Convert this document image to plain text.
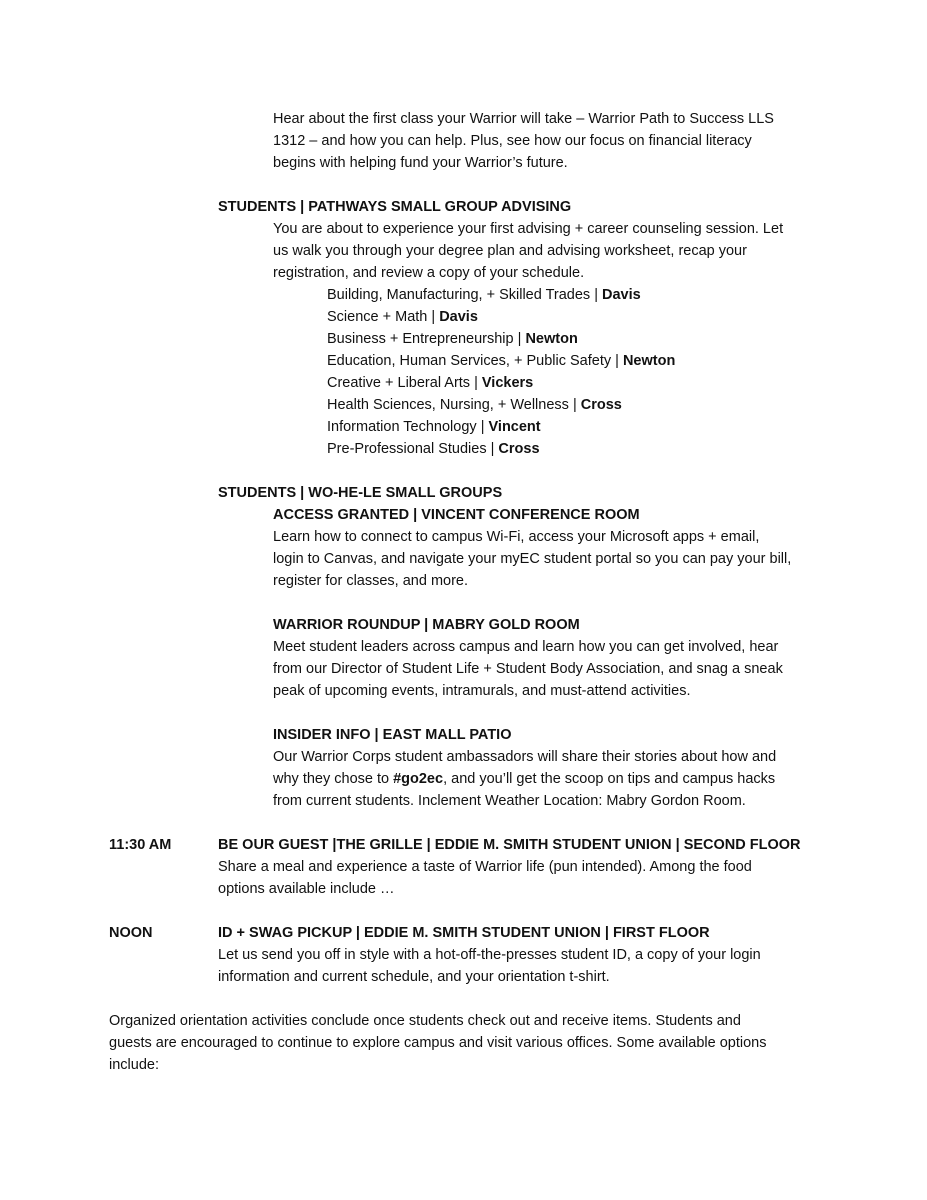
Hear about the first class your Warrior will take – Warrior Path to Success LLS

1312 – and how you can help. Plus, see how our focus on financial literacy

begins with helping fund your Warrior’s future.

STUDENTS | PATHWAYS SMALL GROUP ADVISING

You are about to experience your first advising + career counseling session. Let

us walk you through your degree plan and advising worksheet, recap your

registration, and review a copy of your schedule.

Building, Manufacturing, + Skilled Trades | Davis

Science + Math | Davis

Business + Entrepreneurship | Newton

Education, Human Services, + Public Safety | Newton

Creative + Liberal Arts | Vickers

Health Sciences, Nursing, + Wellness | Cross

Information Technology | Vincent

Pre-Professional Studies | Cross

STUDENTS | WO-HE-LE SMALL GROUPS

ACCESS GRANTED | VINCENT CONFERENCE ROOM

Learn how to connect to campus Wi-Fi, access your Microsoft apps + email,

login to Canvas, and navigate your myEC student portal so you can pay your bill,

register for classes, and more.

WARRIOR ROUNDUP | MABRY GOLD ROOM

Meet student leaders across campus and learn how you can get involved, hear

from our Director of Student Life + Student Body Association, and snag a sneak

peak of upcoming events, intramurals, and must-attend activities.

INSIDER INFO | EAST MALL PATIO

Our Warrior Corps student ambassadors will share their stories about how and

why they chose to #go2ec, and you’ll get the scoop on tips and campus hacks

from current students. Inclement Weather Location: Mabry Gordon Room.

11:30 AM	BE OUR GUEST |THE GRILLE | EDDIE M. SMITH STUDENT UNION | SECOND FLOOR

Share a meal and experience a taste of Warrior life (pun intended). Among the food

options available include …

NOON	ID + SWAG PICKUP | EDDIE M. SMITH STUDENT UNION | FIRST FLOOR

Let us send you off in style with a hot-off-the-presses student ID, a copy of your login

information and current schedule, and your orientation t-shirt.

Organized orientation activities conclude once students check out and receive items. Students and

guests are encouraged to continue to explore campus and visit various offices. Some available options

include:
